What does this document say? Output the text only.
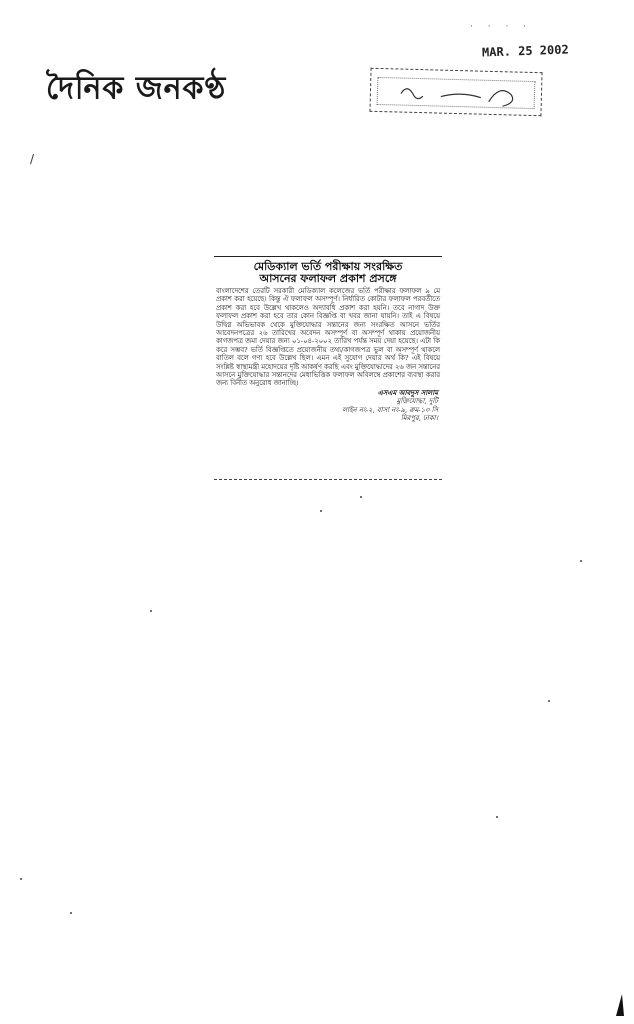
· · · ·
MAR. 25 2002
দৈনিক জনকণ্ঠ
/
মেডিক্যাল ভর্তি পরীক্ষায় সংরক্ষিত
আসনের ফলাফল প্রকাশ প্রসঙ্গে
বাংলাদেশের তেরটি সরকারী মেডিক্যাল কলেজের ভর্তি পরীক্ষার ফলাফল ৯ মে প্রকাশ করা হয়েছে। কিন্তু ঐ ফলাফল অসম্পূর্ণ। নির্ধারিত কোটার ফলাফল পরবর্তীতে প্রকাশ করা হবে উল্লেখ থাকলেও অদ্যাবধি প্রকাশ করা হয়নি। তবে নাগাদ উক্ত ফলাফল প্রকাশ করা হবে তার কোন বিজ্ঞপ্তি বা খবর জানা যায়নি। তাই এ বিষয়ে উদ্বিগ্ন অভিভাবক থেকে মুক্তিযোদ্ধার সন্তানের জন্য সংরক্ষিত আসনে ভর্তির আবেদনপত্রের ২৬ তারিখের অবেদন অসম্পূর্ণ বা অসম্পূর্ণ থাকায় প্রয়োজনীয় কাগজপত্র জমা দেয়ার জন্য ০১-০৪-২০০২ তারিখ পর্যন্ত সময় দেয়া হয়েছে। এটা কি করে সম্ভব? ভর্তি বিজ্ঞপ্তিতে প্রয়োজনীয় তথ্য/কাগজপত্র ভুল বা অসম্পূর্ণ থাকলে বাতিল বলে গণ্য হবে উল্লেখ ছিল। এমন এই সুযোগ দেয়ার অর্থ কি? এই বিষয়ে সংশ্লিষ্ট স্বাস্থ্যমন্ত্রী মহোদয়ের দৃষ্টি আকর্ষণ করছি এবং মুক্তিযোদ্ধাদের ২৬ জন সন্তানের আসনে মুক্তিযোদ্ধার সন্তানদের মেধাভিত্তিক ফলাফল অবিলম্বে প্রকাশের ব্যবস্থা করার জন্য বিনীত অনুরোধ জানাচ্ছি।
এসএম আবদুস সালাম
মুক্তিযোদ্ধা, দুটি
লাইন নং-২, বাসা নং-৯, রুম-১৩ সি
মিরপুর, ঢাকা।
